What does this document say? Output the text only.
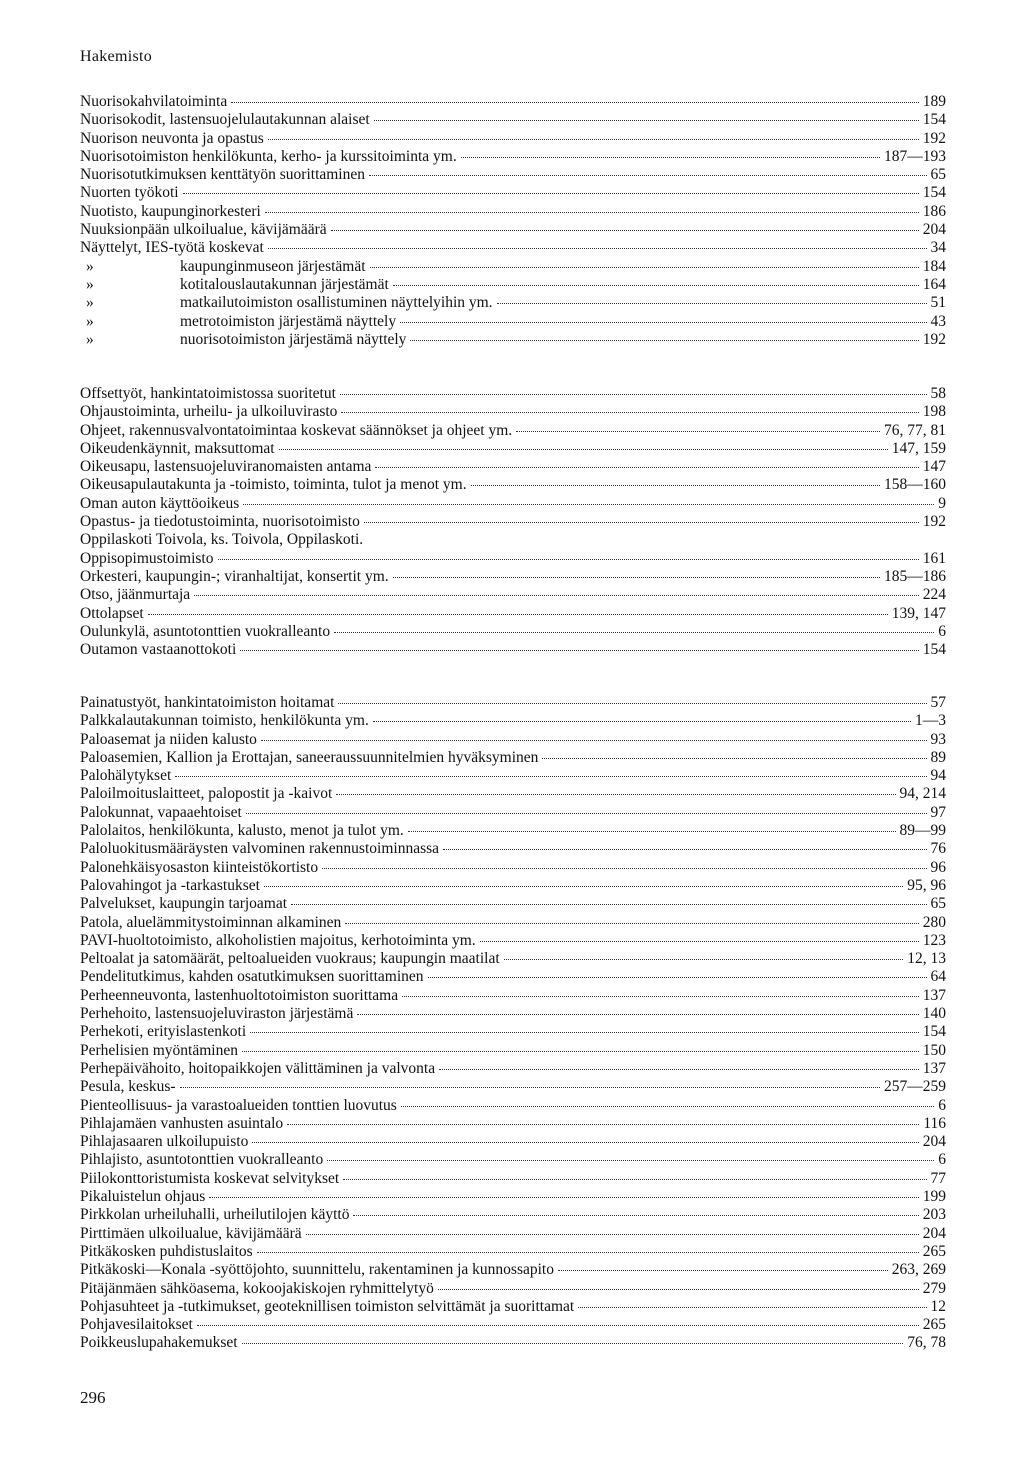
Hakemisto
Nuorisokahvilatoiminta	189
Nuorisokodit, lastensuojelulautakunnan alaiset	154
Nuorison neuvonta ja opastus	192
Nuorisotoimiston henkilökunta, kerho- ja kurssitoiminta ym.	187—193
Nuorisotutkimuksen kenttätyön suorittaminen	65
Nuorten työkoti	154
Nuotisto, kaupunginorkesteri	186
Nuuksionpään ulkoilualue, kävijämäärä	204
Näyttelyt, IES-työtä koskevat	34
»	kaupunginmuseon järjestämät	184
»	kotitalouslautakunnan järjestämät	164
»	matkailutoimiston osallistuminen näyttelyihin ym.	51
»	metrotoimiston järjestämä näyttely	43
»	nuorisotoimiston järjestämä näyttely	192
Offsettyöt, hankintatoimistossa suoritetut	58
Ohjaustoiminta, urheilu- ja ulkoiluvirasto	198
Ohjeet, rakennusvalvontatoimintaa koskevat säännökset ja ohjeet ym.	76, 77, 81
Oikeudenkäynnit, maksuttomat	147, 159
Oikeusapu, lastensuojeluviranomaisten antama	147
Oikeusapulautakunta ja -toimisto, toiminta, tulot ja menot ym.	158—160
Oman auton käyttöoikeus	9
Opastus- ja tiedotustoiminta, nuorisotoimisto	192
Oppilaskoti Toivola, ks. Toivola, Oppilaskoti.
Oppisopimustoimisto	161
Orkesteri, kaupungin-; viranhaltijat, konsertit ym.	185—186
Otso, jäänmurtaja	224
Ottolapset	139, 147
Oulunkylä, asuntotonttien vuokralleanto	6
Outamon vastaanottokoti	154
Painatustyöt, hankintatoimiston hoitamat	57
Palkkalautakunnan toimisto, henkilökunta ym.	1—3
Paloasemat ja niiden kalusto	93
Paloasemien, Kallion ja Erottajan, saneeraussuunnitelmien hyväksyminen	89
Palohälytykset	94
Paloilmoituslaitteet, palopostit ja -kaivot	94, 214
Palokunnat, vapaaehtoiset	97
Palolaitos, henkilökunta, kalusto, menot ja tulot ym.	89—99
Paloluokitusmääräysten valvominen rakennustoiminnassa	76
Palonehkäisyosaston kiinteistökortisto	96
Palovahingot ja -tarkastukset	95, 96
Palvelukset, kaupungin tarjoamat	65
Patola, aluelämmitystoiminnan alkaminen	280
PAVI-huoltotoimisto, alkoholistien majoitus, kerhotoiminta ym.	123
Peltoalat ja satomäärät, peltoalueiden vuokraus; kaupungin maatilat	12, 13
Pendelitutkimus, kahden osatutkimuksen suorittaminen	64
Perheenneuvonta, lastenhuoltotoimiston suorittama	137
Perhehoito, lastensuojeluviraston järjestämä	140
Perhekoti, erityislastenkoti	154
Perhelisien myöntäminen	150
Perhepäivähoito, hoitopaikkojen välittäminen ja valvonta	137
Pesula, keskus-	257—259
Pienteollisuus- ja varastoalueiden tonttien luovutus	6
Pihlajamäen vanhusten asuintalo	116
Pihlajasaaren ulkoilupuisto	204
Pihlajisto, asuntotonttien vuokralleanto	6
Piilokonttoristumista koskevat selvitykset	77
Pikaluistelun ohjaus	199
Pirkkolan urheiluhalli, urheilutilojen käyttö	203
Pirttimäen ulkoilualue, kävijämäärä	204
Pitkäkosken puhdistuslaitos	265
Pitkäkoski—Konala -syöttöjohto, suunnittelu, rakentaminen ja kunnossapito	263, 269
Pitäjänmäen sähköasema, kokoojakiskojen ryhmittelytyö	279
Pohjasuhteet ja -tutkimukset, geoteknillisen toimiston selvittämät ja suorittamat	12
Pohjavesilaitokset	265
Poikkeuslupahakemukset	76, 78
296
